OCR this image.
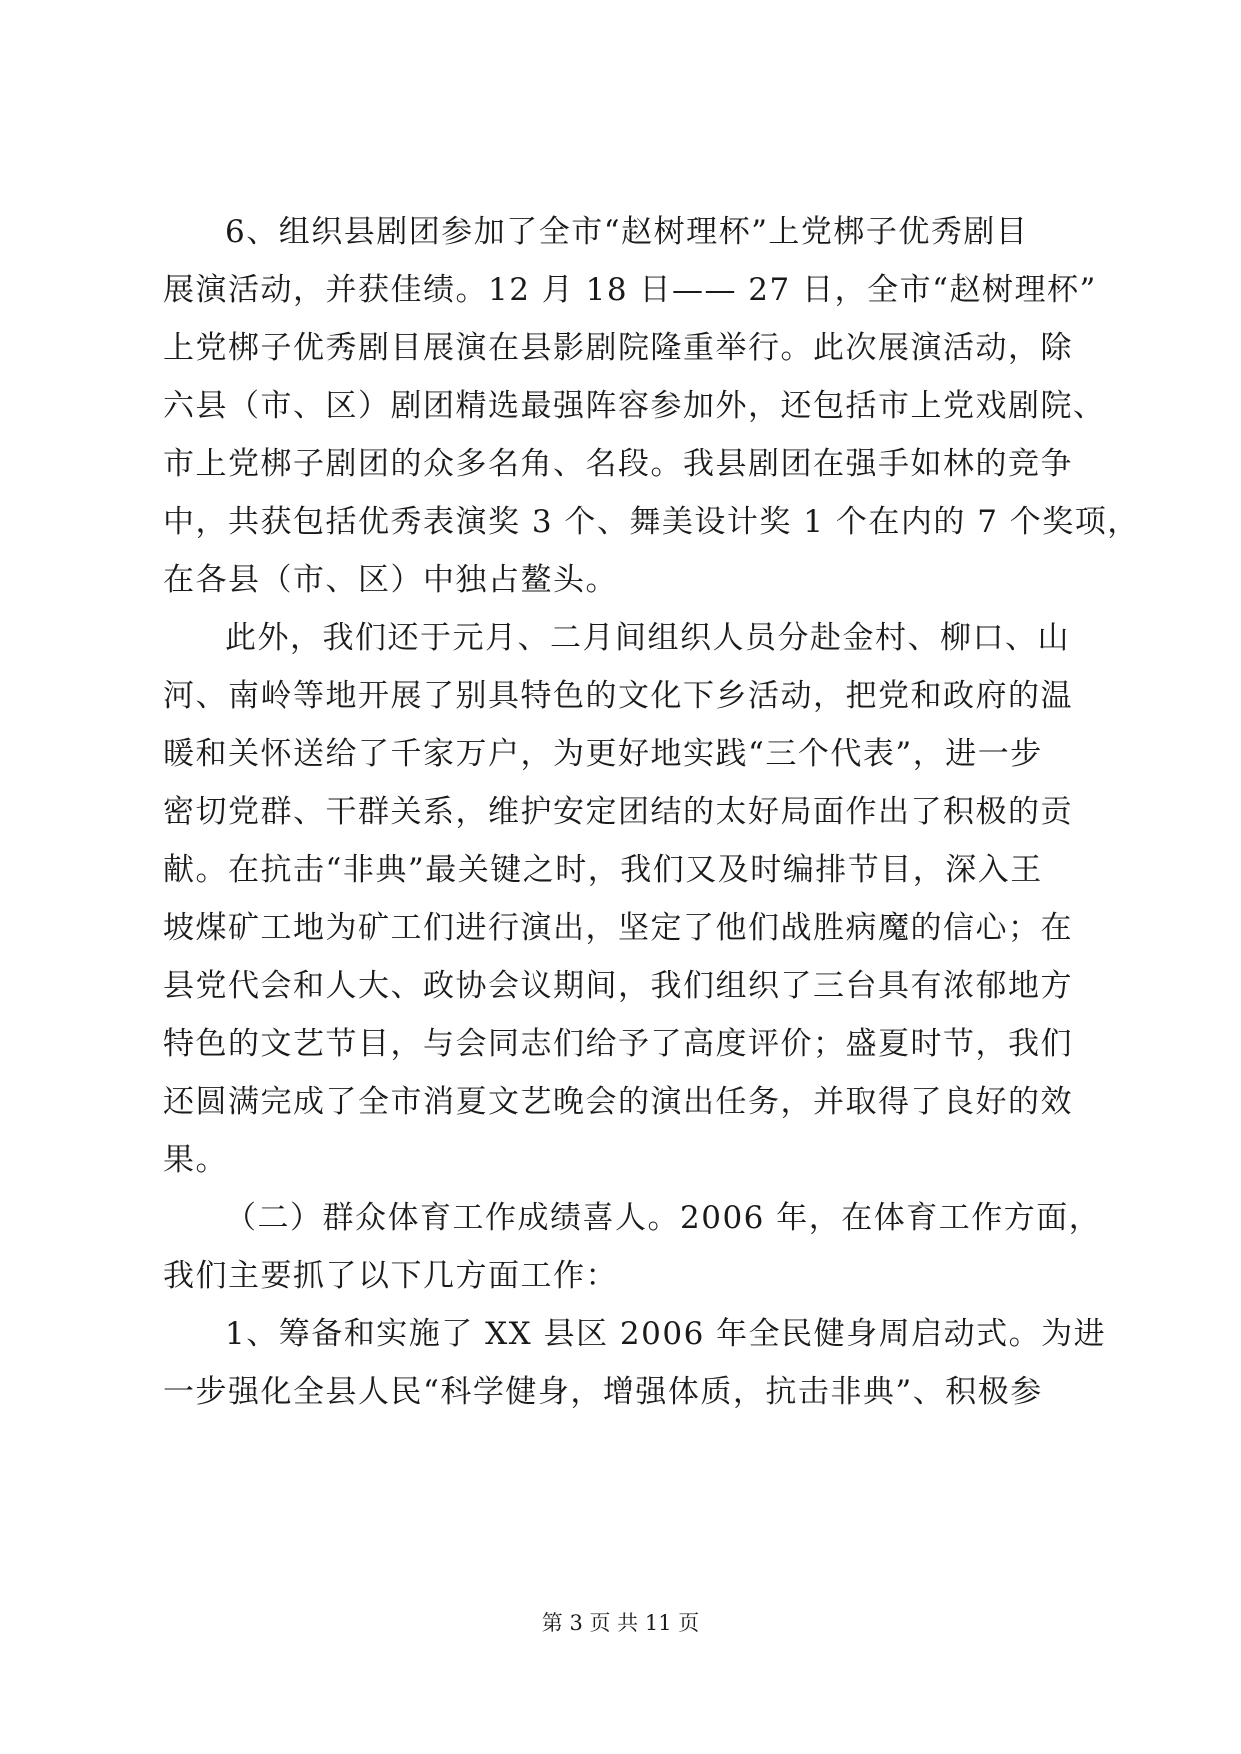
6、组织县剧团参加了全市“赵树理杯”上党梆子优秀剧目
展演活动，并获佳绩。12 月 18 日—— 27 日，全市“赵树理杯”
上党梆子优秀剧目展演在县影剧院隆重举行。此次展演活动，除
六县（市、区）剧团精选最强阵容参加外，还包括市上党戏剧院、
市上党梆子剧团的众多名角、名段。我县剧团在强手如林的竞争
中，共获包括优秀表演奖 3 个、舞美设计奖 1 个在内的 7 个奖项，
在各县（市、区）中独占鳌头。
此外，我们还于元月、二月间组织人员分赴金村、柳口、山
河、南岭等地开展了别具特色的文化下乡活动，把党和政府的温
暖和关怀送给了千家万户，为更好地实践“三个代表”，进一步
密切党群、干群关系，维护安定团结的太好局面作出了积极的贡
献。在抗击“非典”最关键之时，我们又及时编排节目，深入王
坡煤矿工地为矿工们进行演出，坚定了他们战胜病魔的信心；在
县党代会和人大、政协会议期间，我们组织了三台具有浓郁地方
特色的文艺节目，与会同志们给予了高度评价；盛夏时节，我们
还圆满完成了全市消夏文艺晚会的演出任务，并取得了良好的效
果。
（二）群众体育工作成绩喜人。2006 年，在体育工作方面，
我们主要抓了以下几方面工作：
1、筹备和实施了 XX 县区 2006 年全民健身周启动式。为进
一步强化全县人民“科学健身，增强体质，抗击非典”、积极参
第 3 页 共 11 页
